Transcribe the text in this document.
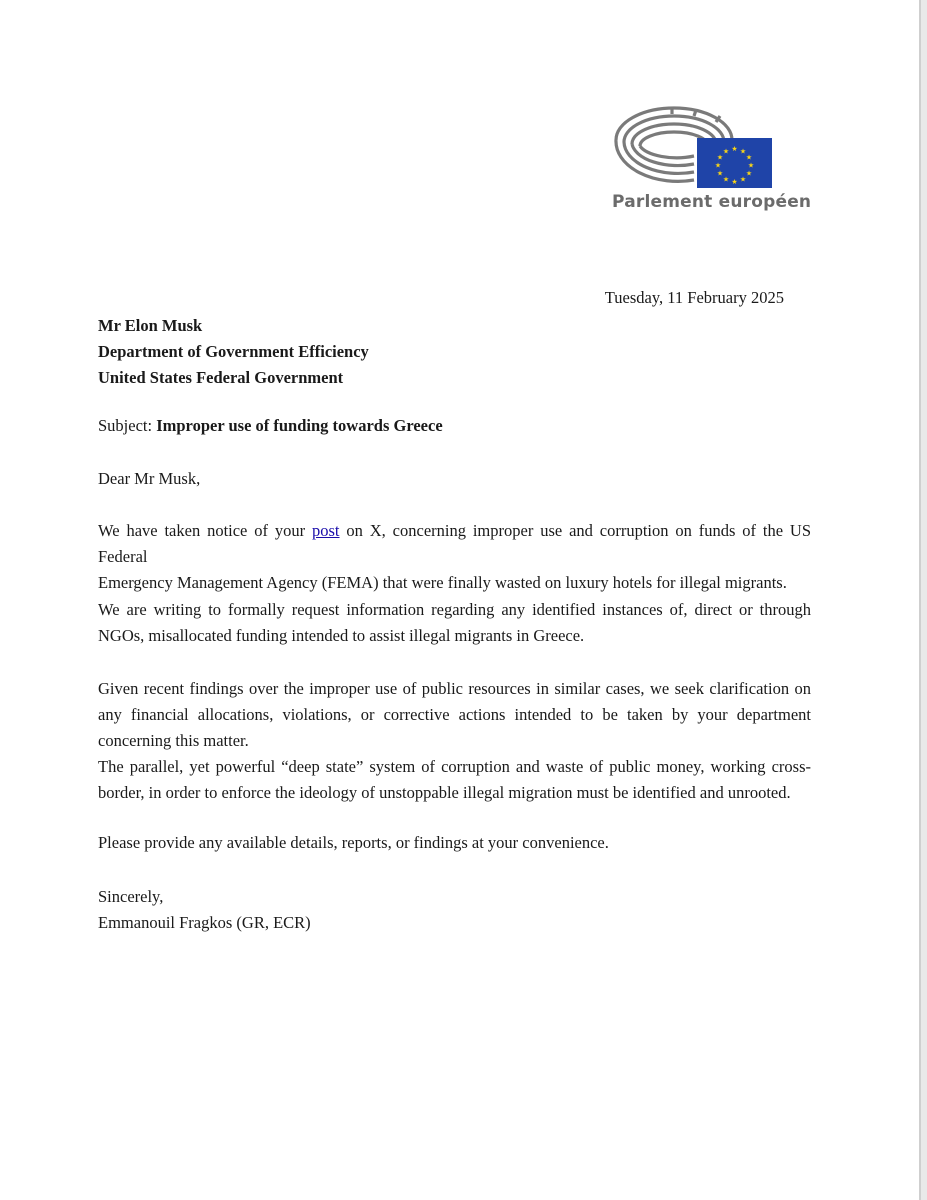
★ ★
★
★
★
★
★
★
★
★
★
★
Parlement européen
Tuesday, 11 February 2025
Mr Elon Musk
Department of Government Efficiency
United States Federal Government
Subject: Improper use of funding towards Greece
Dear Mr Musk,
We have taken notice of your post on X, concerning improper use and corruption on funds of the US Federal
Emergency Management Agency (FEMA) that were finally wasted on luxury hotels for illegal migrants.
We are writing to formally request information regarding any identified instances of, direct or through
NGOs, misallocated funding intended to assist illegal migrants in Greece.
Given recent findings over the improper use of public resources in similar cases, we seek clarification on
any financial allocations, violations, or corrective actions intended to be taken by your department
concerning this matter.
The parallel, yet powerful “deep state” system of corruption and waste of public money, working cross-
border, in order to enforce the ideology of unstoppable illegal migration must be identified and unrooted.
Please provide any available details, reports, or findings at your convenience.
Sincerely,
Emmanouil Fragkos (GR, ECR)
